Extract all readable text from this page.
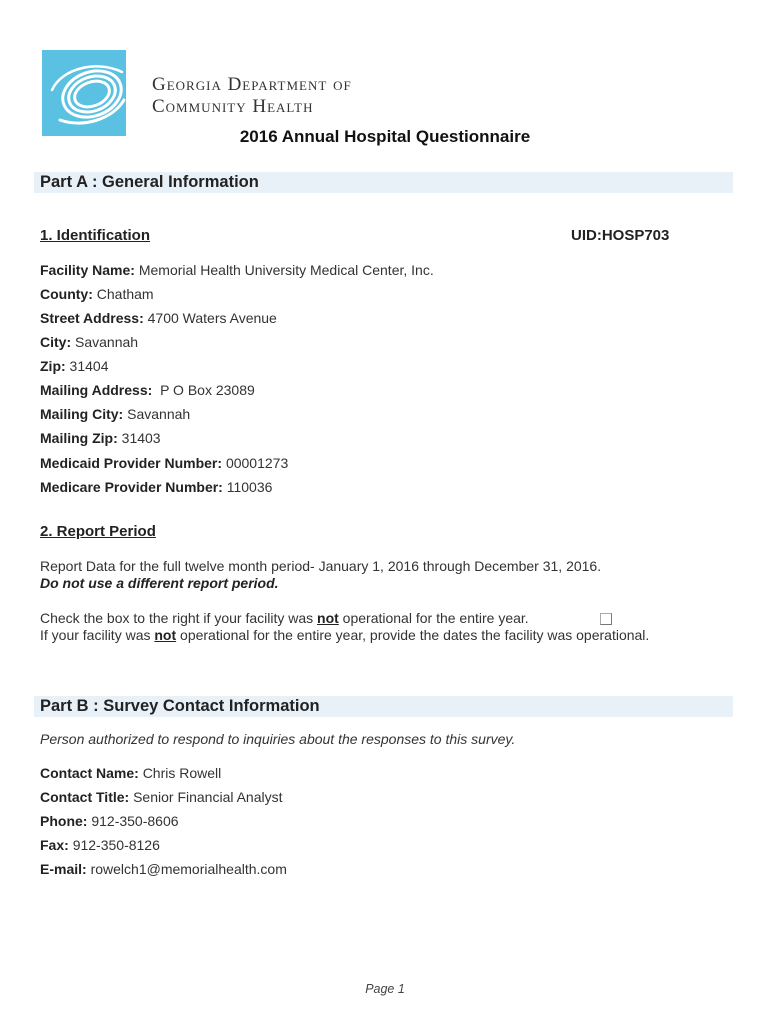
Georgia Department of
Community Health
2016 Annual Hospital Questionnaire
Part A : General Information
1. Identification	UID:HOSP703
Facility Name: Memorial Health University Medical Center, Inc.
County: Chatham
Street Address: 4700 Waters Avenue
City: Savannah
Zip: 31404
Mailing Address: P O Box 23089
Mailing City: Savannah
Mailing Zip: 31403
Medicaid Provider Number: 00001273
Medicare Provider Number: 110036
2. Report Period
Report Data for the full twelve month period- January 1, 2016 through December 31, 2016.
Do not use a different report period.
Check the box to the right if your facility was not operational for the entire year.
If your facility was not operational for the entire year, provide the dates the facility was operational.
Part B : Survey Contact Information
Person authorized to respond to inquiries about the responses to this survey.
Contact Name: Chris Rowell
Contact Title: Senior Financial Analyst
Phone: 912-350-8606
Fax: 912-350-8126
E-mail: rowelch1@memorialhealth.com
Page 1
